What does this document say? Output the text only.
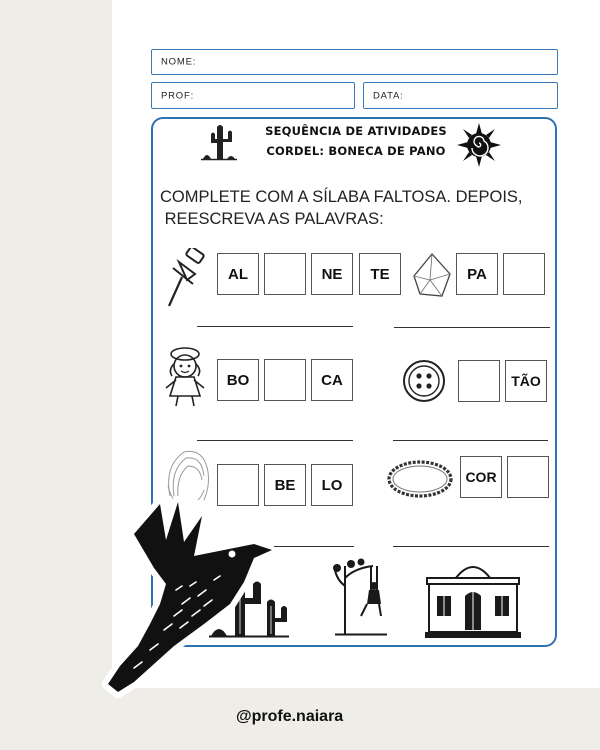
NOME:
PROF:	DATA:
SEQUÊNCIA DE ATIVIDADES
CORDEL: BONECA DE PANO
COMPLETE COM A SÍLABA FALTOSA. DEPOIS,
REESCREVA AS PALAVRAS:
AL	NE	TE	PA
BO	CA	TÃO
BE	LO	COR
@profe.naiara
